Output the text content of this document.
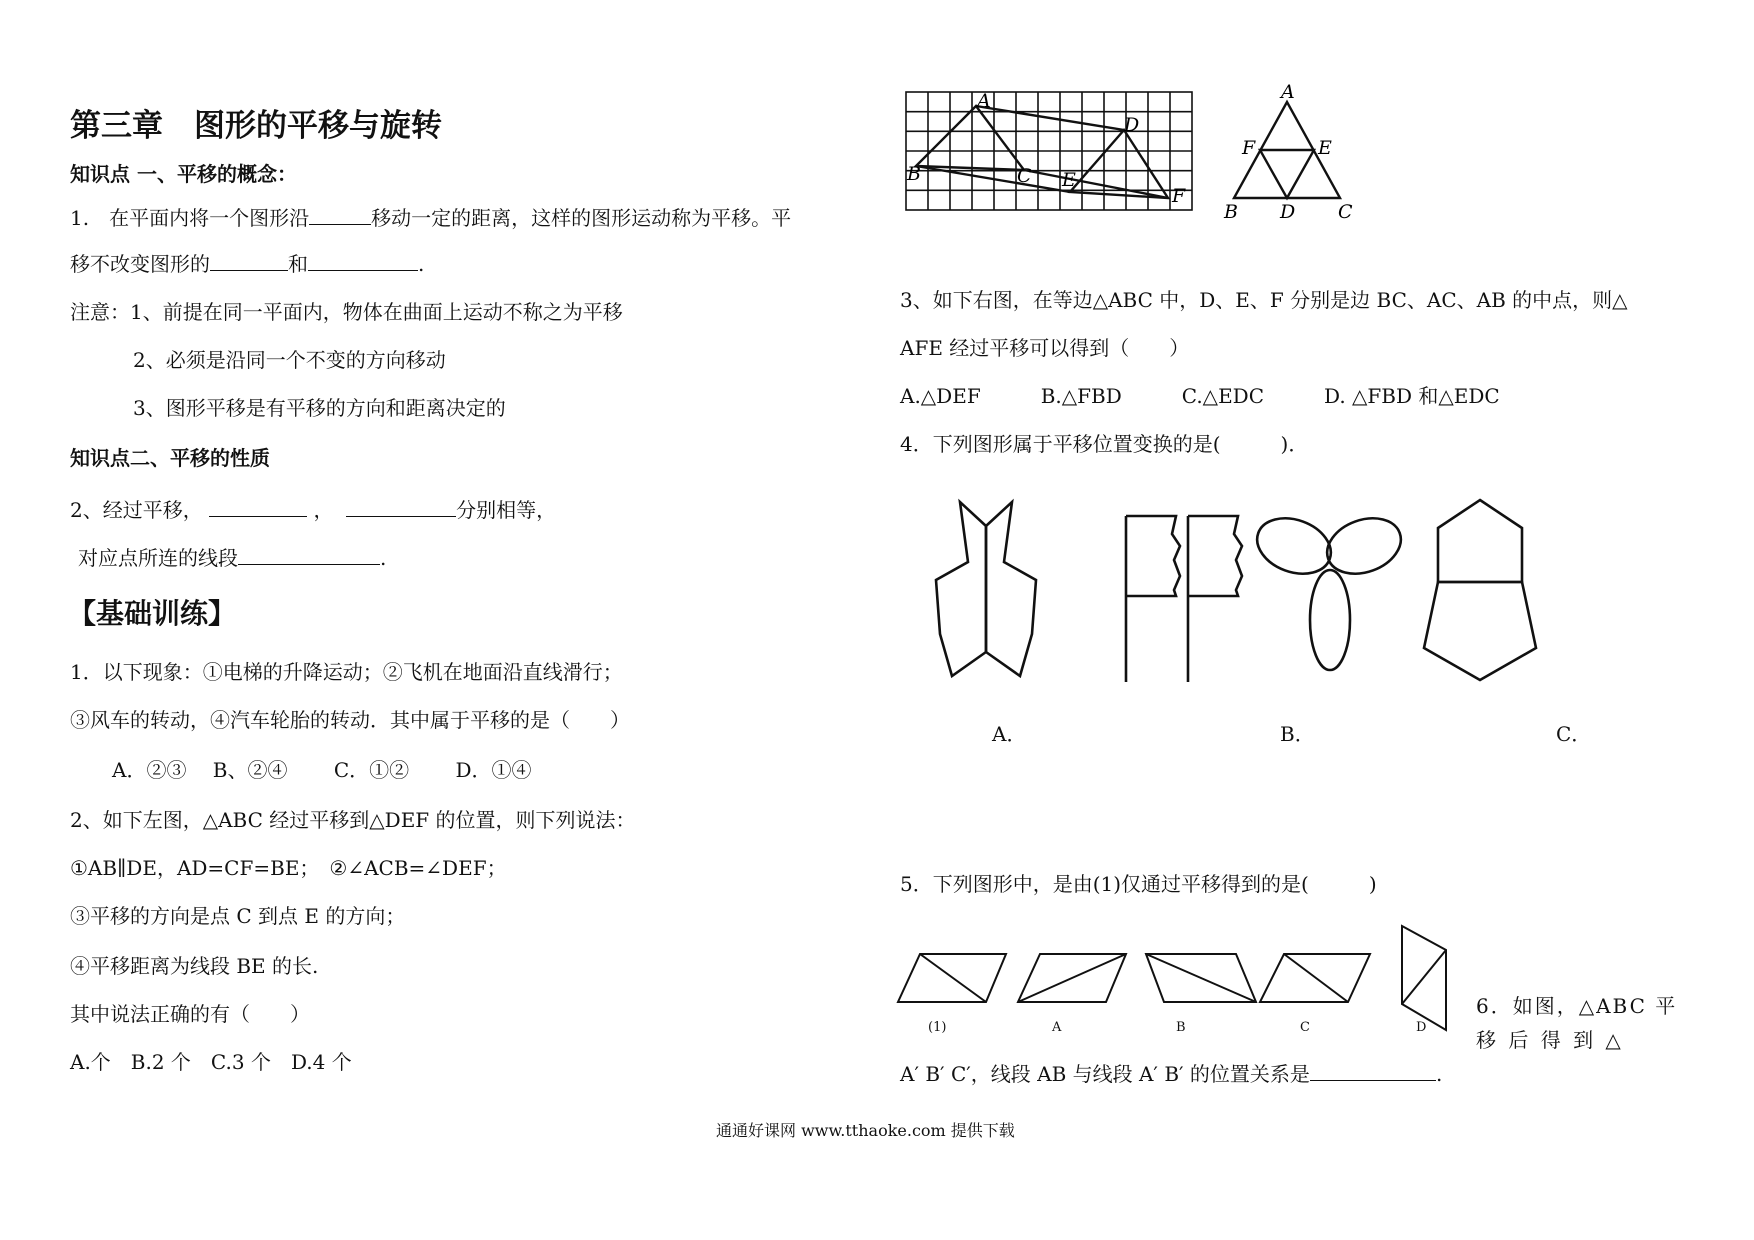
第三章　图形的平移与旋转
知识点 一、平移的概念：
1.　在平面内将一个图形沿	移动一定的距离，这样的图形运动称为平移。平
移不改变图形的	和	.
注意：1、前提在同一平面内，物体在曲面上运动不称之为平移
2、必须是沿同一个不变的方向移动
3、图形平移是有平移的方向和距离决定的
知识点二、平移的性质
2、经过平移，	，	分别相等，
对应点所连的线段	.
【基础训练】
1．以下现象：①电梯的升降运动；②飞机在地面沿直线滑行；
③风车的转动，④汽车轮胎的转动．其中属于平移的是（　　）
A．②③　 B、②④　　 C．①②　　 D．①④
2、如下左图，△ABC 经过平移到△DEF 的位置，则下列说法：
①AB∥DE，AD=CF=BE；　②∠ACB=∠DEF；
③平移的方向是点 C 到点 E 的方向；
④平移距离为线段 BE 的长.
其中说法正确的有（　　）
A.个　B.2 个　C.3 个　D.4 个
A
B	C
D
E
F
A
B	C
D
E
F
3、如下右图，在等边△ABC 中，D、E、F 分别是边 BC、AC、AB 的中点，则△
AFE 经过平移可以得到（　　）
A.△DEF　　　B.△FBD　　　C.△EDC　　　D. △FBD 和△EDC
4．下列图形属于平移位置变换的是(　　　)．
A．	B．	C．
5．下列图形中，是由(1)仅通过平移得到的是(　　　)
(1)	A	B	C	D
6．如图，△ABC 平
移 后 得 到 △
A′ B′ C′，线段 AB 与线段 A′ B′ 的位置关系是	.
通通好课网 www.tthaoke.com 提供下载
